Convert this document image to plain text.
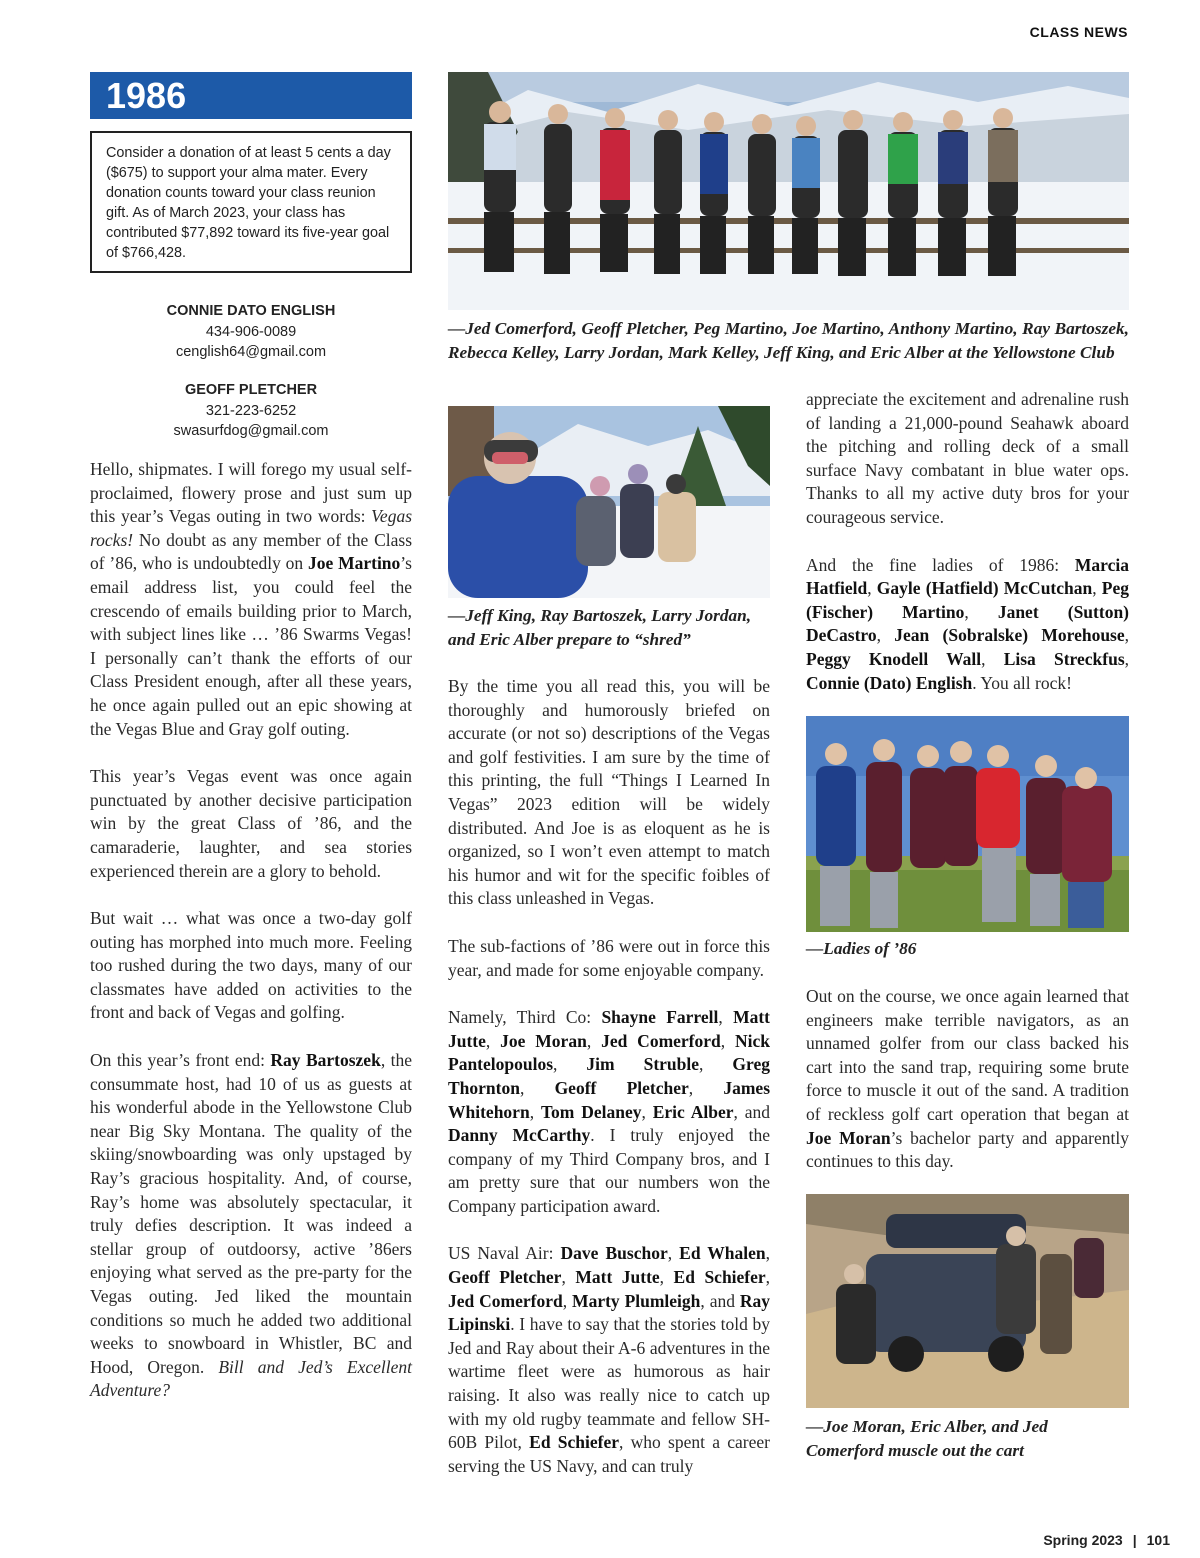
CLASS NEWS
1986
Consider a donation of at least 5 cents a day ($675) to support your alma mater. Every donation counts toward your class reunion gift. As of March 2023, your class has contributed $77,892 toward its five-year goal of $766,428.
CONNIE DATO ENGLISH
434-906-0089
cenglish64@gmail.com
GEOFF PLETCHER
321-223-6252
swasurfdog@gmail.com

Hello, shipmates. I will forego my usual self-proclaimed, flowery prose and just sum up this year’s Vegas outing in two words: Vegas rocks! No doubt as any member of the Class of ’86, who is undoubtedly on Joe Martino’s email address list, you could feel the crescendo of emails building prior to March, with subject lines like … ’86 Swarms Vegas! I personally can’t thank the efforts of our Class President enough, after all these years, he once again pulled out an epic showing at the Vegas Blue and Gray golf outing.

This year’s Vegas event was once again punctuated by another decisive participation win by the great Class of ’86, and the camaraderie, laughter, and sea stories experienced therein are a glory to behold.

But wait … what was once a two-day golf outing has morphed into much more. Feeling too rushed during the two days, many of our classmates have added on activities to the front and back of Vegas and golfing.

On this year’s front end: Ray Bartoszek, the consummate host, had 10 of us as guests at his wonderful abode in the Yellowstone Club near Big Sky Montana. The quality of the skiing/snowboarding was only upstaged by Ray’s gracious hospitality. And, of course, Ray’s home was absolutely spectacular, it truly defies description. It was indeed a stellar group of outdoorsy, active ’86ers enjoying what served as the pre-party for the Vegas outing. Jed liked the mountain conditions so much he added two additional weeks to snowboard in Whistler, BC and Hood, Oregon. Bill and Jed’s Excellent Adventure?

—Jed Comerford, Geoff Pletcher, Peg Martino, Joe Martino, Anthony Martino, Ray Bartoszek, Rebecca Kelley, Larry Jordan, Mark Kelley, Jeff King, and Eric Alber at the Yellowstone Club
—Jeff King, Ray Bartoszek, Larry Jordan, and Eric Alber prepare to “shred”

By the time you all read this, you will be thoroughly and humorously briefed on accurate (or not so) descriptions of the Vegas and golf festivities. I am sure by the time of this printing, the full “Things I Learned In Vegas” 2023 edition will be widely distributed. And Joe is as eloquent as he is organized, so I won’t even attempt to match his humor and wit for the specific foibles of this class unleashed in Vegas.

The sub-factions of ’86 were out in force this year, and made for some enjoyable company.

Namely, Third Co: Shayne Farrell, Matt Jutte, Joe Moran, Jed Comerford, Nick Pantelopoulos, Jim Struble, Greg Thornton, Geoff Pletcher, James Whitehorn, Tom Delaney, Eric Alber, and Danny McCarthy. I truly enjoyed the company of my Third Company bros, and I am pretty sure that our numbers won the Company participation award.

US Naval Air: Dave Buschor, Ed Whalen, Geoff Pletcher, Matt Jutte, Ed Schiefer, Jed Comerford, Marty Plumleigh, and Ray Lipinski. I have to say that the stories told by Jed and Ray about their A-6 adventures in the wartime fleet were as humorous as hair raising. It also was really nice to catch up with my old rugby teammate and fellow SH-60B Pilot, Ed Schiefer, who spent a career serving the US Navy, and can truly

appreciate the excitement and adrenaline rush of landing a 21,000-pound Seahawk aboard the pitching and rolling deck of a small surface Navy combatant in blue water ops. Thanks to all my active duty bros for your courageous service.

And the fine ladies of 1986: Marcia Hatfield, Gayle (Hatfield) McCutchan, Peg (Fischer) Martino, Janet (Sutton) DeCastro, Jean (Sobralske) Morehouse, Peggy Knodell Wall, Lisa Streckfus, Connie (Dato) English. You all rock!

—Ladies of ’86

Out on the course, we once again learned that engineers make terrible navigators, as an unnamed golfer from our class backed his cart into the sand trap, requiring some brute force to muscle it out of the sand. A tradition of reckless golf cart operation that began at Joe Moran’s bachelor party and apparently continues to this day.

—Joe Moran, Eric Alber, and Jed Comerford muscle out the cart
Spring 2023 | 101
